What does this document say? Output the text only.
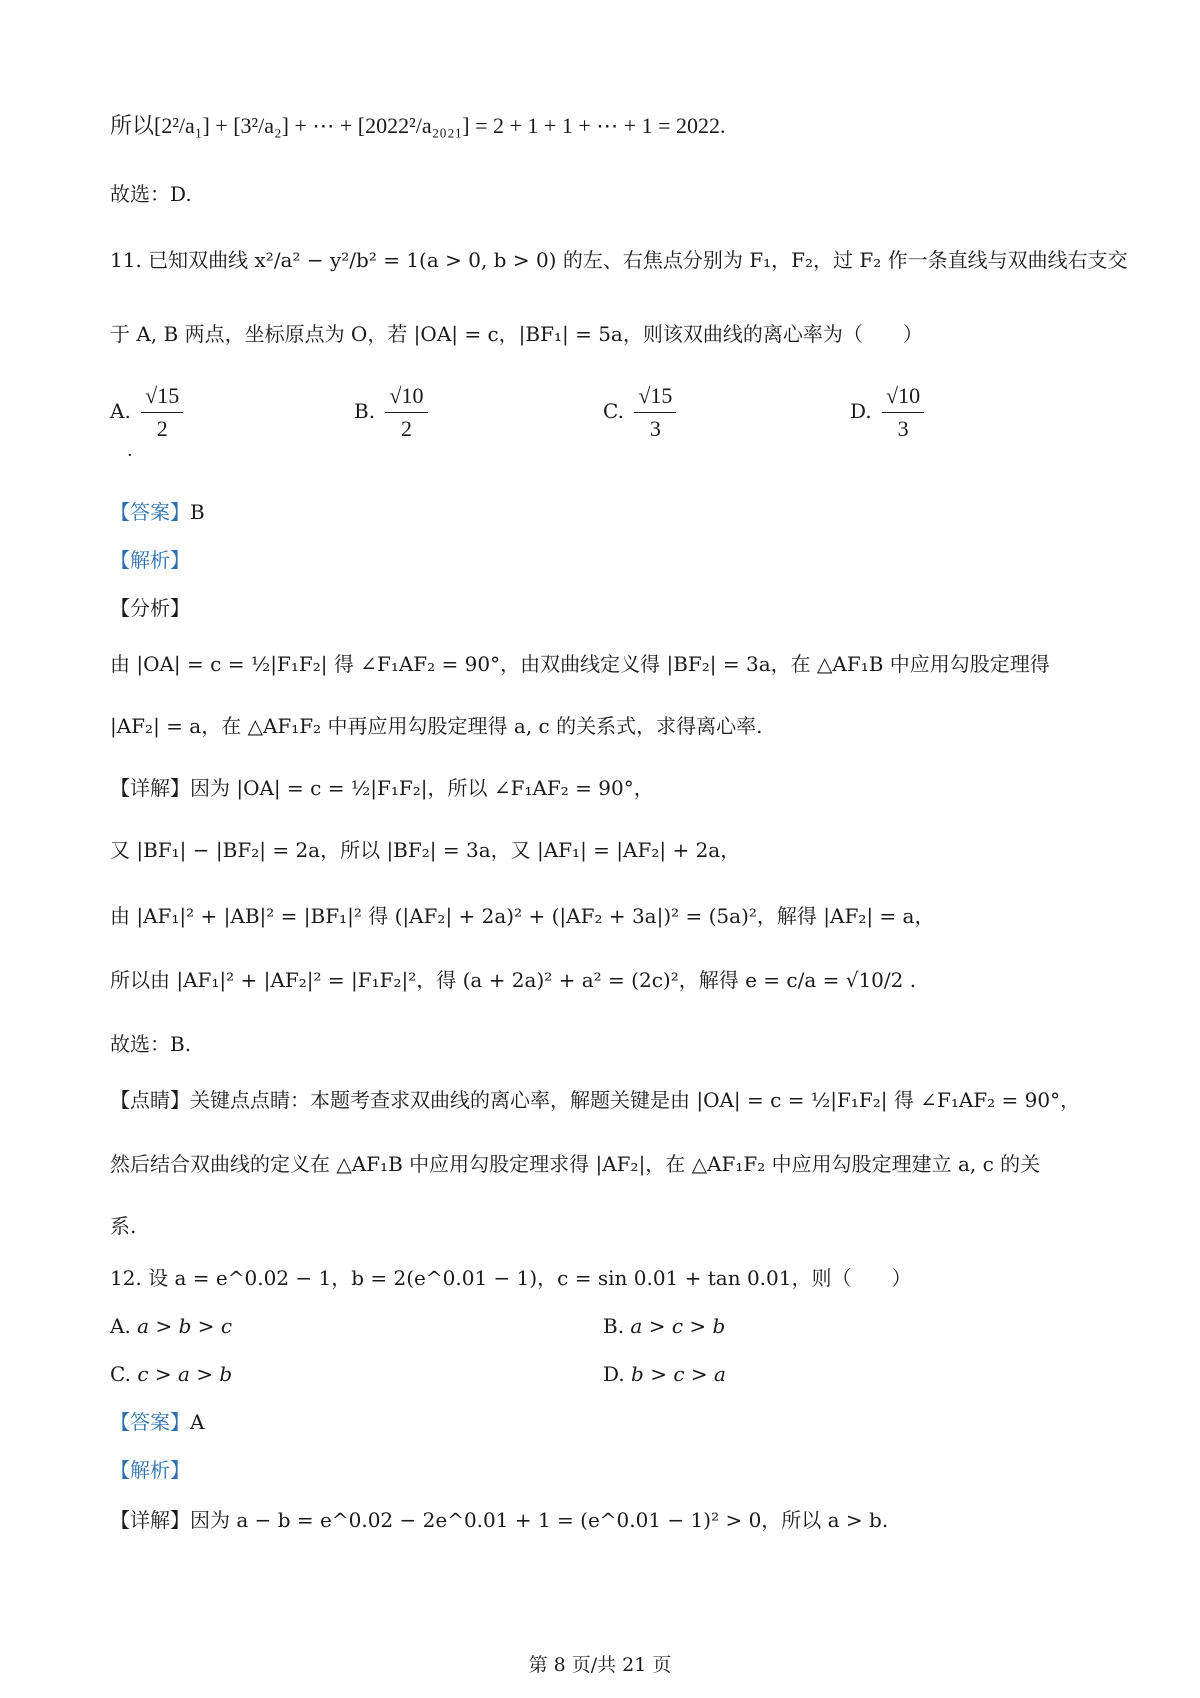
所以[2²/a₁] + [3²/a₂] + ⋯ + [2022²/a₂₀₂₁] = 2 + 1 + 1 + ⋯ + 1 = 2022.
故选：D.
11. 已知双曲线 x²/a² − y²/b² = 1(a > 0, b > 0) 的左、右焦点分别为 F₁，F₂，过 F₂ 作一条直线与双曲线右支交
于 A, B 两点，坐标原点为 O，若 |OA| = c，|BF₁| = 5a，则该双曲线的离心率为（　　）
A. $\frac{√15}{2}$	B. $\frac{√10}{2}$	C. $\frac{√15}{3}$	D. $\frac{√10}{3}$
·
【答案】B
【解析】
【分析】
由 |OA| = c = ½|F₁F₂| 得 ∠F₁AF₂ = 90°，由双曲线定义得 |BF₂| = 3a，在 △AF₁B 中应用勾股定理得
|AF₂| = a，在 △AF₁F₂ 中再应用勾股定理得 a, c 的关系式，求得离心率.
【详解】因为 |OA| = c = ½|F₁F₂|，所以 ∠F₁AF₂ = 90°，
又 |BF₁| − |BF₂| = 2a，所以 |BF₂| = 3a，又 |AF₁| = |AF₂| + 2a，
由 |AF₁|² + |AB|² = |BF₁|² 得 (|AF₂| + 2a)² + (|AF₂ + 3a|)² = (5a)²，解得 |AF₂| = a，
所以由 |AF₁|² + |AF₂|² = |F₁F₂|²，得 (a + 2a)² + a² = (2c)²，解得 e = c/a = √10/2 .
故选：B.
【点睛】关键点点睛：本题考查求双曲线的离心率，解题关键是由 |OA| = c = ½|F₁F₂| 得 ∠F₁AF₂ = 90°，
然后结合双曲线的定义在 △AF₁B 中应用勾股定理求得 |AF₂|，在 △AF₁F₂ 中应用勾股定理建立 a, c 的关
系.
12. 设 a = e^0.02 − 1，b = 2(e^0.01 − 1)，c = sin 0.01 + tan 0.01，则（　　）
A. a > b > c	B. a > c > b
C. c > a > b	D. b > c > a
【答案】A
【解析】
【详解】因为 a − b = e^0.02 − 2e^0.01 + 1 = (e^0.01 − 1)² > 0，所以 a > b.
第 8 页/共 21 页
